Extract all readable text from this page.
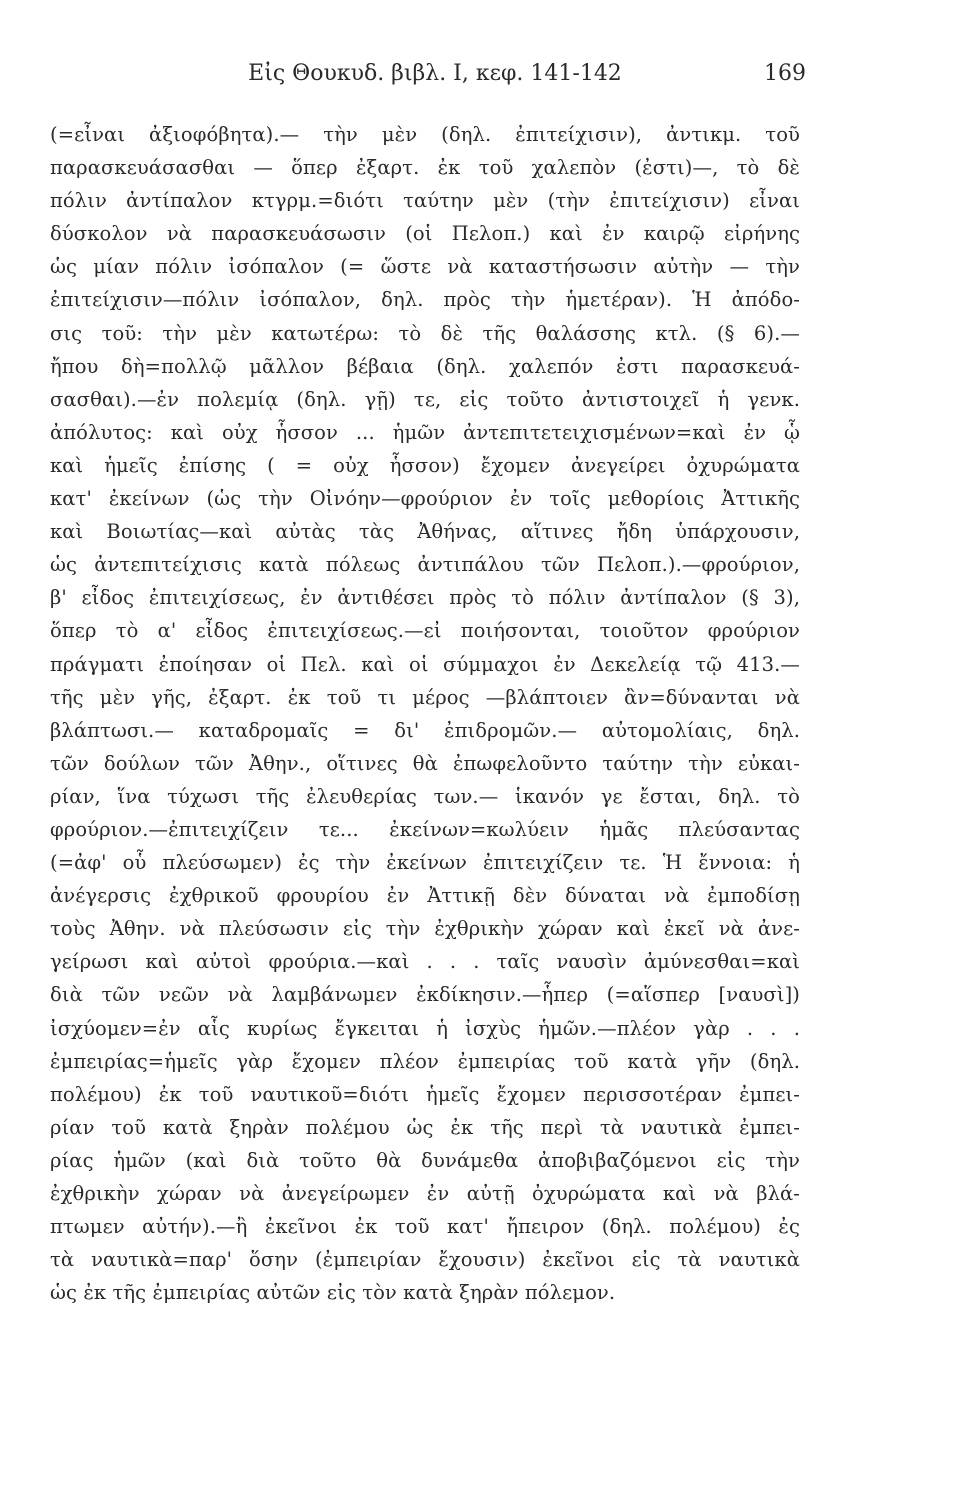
Εἰς Θουκυδ. βιβλ. Ι, κεφ. 141-142	169
(=εἶναι ἀξιοφόβητα).— τὴν μὲν (δηλ. ἐπιτείχισιν), ἀντικμ. τοῦ
παρασκευάσασθαι — ὅπερ ἐξαρτ. ἐκ τοῦ χαλεπὸν (ἐστι)—, τὸ δὲ
πόλιν ἀντίπαλον κτγρμ.=διότι ταύτην μὲν (τὴν ἐπιτείχισιν) εἶναι
δύσκολον νὰ παρασκευάσωσιν (οἱ Πελοπ.) καὶ ἐν καιρῷ εἰρήνης
ὡς μίαν πόλιν ἰσόπαλον (= ὥστε νὰ καταστήσωσιν αὐτὴν — τὴν
ἐπιτείχισιν—πόλιν ἰσόπαλον, δηλ. πρὸς τὴν ἡμετέραν). Ἡ ἀπόδο-
σις τοῦ: τὴν μὲν κατωτέρω: τὸ δὲ τῆς θαλάσσης κτλ. (§ 6).—
ἤπου δὴ=πολλῷ μᾶλλον βέβαια (δηλ. χαλεπόν ἐστι παρασκευά-
σασθαι).—ἐν πολεμίᾳ (δηλ. γῇ) τε, εἰς τοῦτο ἀντιστοιχεῖ ἡ γενκ.
ἀπόλυτος: καὶ οὐχ ἧσσον ... ἡμῶν ἀντεπιτετειχισμένων=καὶ ἐν ᾧ
καὶ ἡμεῖς ἐπίσης ( = οὐχ ἧσσον) ἔχομεν ἀνεγείρει ὀχυρώματα
κατ' ἐκείνων (ὡς τὴν Οἰνόην—φρούριον ἐν τοῖς μεθορίοις Ἀττικῆς
καὶ Βοιωτίας—καὶ αὐτὰς τὰς Ἀθήνας, αἵτινες ἤδη ὑπάρχουσιν,
ὡς ἀντεπιτείχισις κατὰ πόλεως ἀντιπάλου τῶν Πελοπ.).—φρούριον,
β' εἶδος ἐπιτειχίσεως, ἐν ἀντιθέσει πρὸς τὸ πόλιν ἀντίπαλον (§ 3),
ὅπερ τὸ α' εἶδος ἐπιτειχίσεως.—εἰ ποιήσονται, τοιοῦτον φρούριον
πράγματι ἐποίησαν οἱ Πελ. καὶ οἱ σύμμαχοι ἐν Δεκελείᾳ τῷ 413.—
τῆς μὲν γῆς, ἐξαρτ. ἐκ τοῦ τι μέρος —βλάπτοιεν ἂν=δύνανται νὰ
βλάπτωσι.— καταδρομαῖς = δι' ἐπιδρομῶν.— αὐτομολίαις, δηλ.
τῶν δούλων τῶν Ἀθην., οἵτινες θὰ ἐπωφελοῦντο ταύτην τὴν εὐκαι-
ρίαν, ἵνα τύχωσι τῆς ἐλευθερίας των.— ἱκανόν γε ἔσται, δηλ. τὸ
φρούριον.—ἐπιτειχίζειν τε... ἐκείνων=κωλύειν ἡμᾶς πλεύσαντας
(=ἀφ' οὗ πλεύσωμεν) ἐς τὴν ἐκείνων ἐπιτειχίζειν τε. Ἡ ἔννοια: ἡ
ἀνέγερσις ἐχθρικοῦ φρουρίου ἐν Ἀττικῇ δὲν δύναται νὰ ἐμποδίσῃ
τοὺς Ἀθην. νὰ πλεύσωσιν εἰς τὴν ἐχθρικὴν χώραν καὶ ἐκεῖ νὰ ἀνε-
γείρωσι καὶ αὐτοὶ φρούρια.—καὶ . . . ταῖς ναυσὶν ἀμύνεσθαι=καὶ
διὰ τῶν νεῶν νὰ λαμβάνωμεν ἐκδίκησιν.—ἧπερ (=αἵσπερ [ναυσὶ])
ἰσχύομεν=ἐν αἷς κυρίως ἔγκειται ἡ ἰσχὺς ἡμῶν.—πλέον γὰρ . . .
ἐμπειρίας=ἡμεῖς γὰρ ἔχομεν πλέον ἐμπειρίας τοῦ κατὰ γῆν (δηλ.
πολέμου) ἐκ τοῦ ναυτικοῦ=διότι ἡμεῖς ἔχομεν περισσοτέραν ἐμπει-
ρίαν τοῦ κατὰ ξηρὰν πολέμου ὡς ἐκ τῆς περὶ τὰ ναυτικὰ ἐμπει-
ρίας ἡμῶν (καὶ διὰ τοῦτο θὰ δυνάμεθα ἀποβιβαζόμενοι εἰς τὴν
ἐχθρικὴν χώραν νὰ ἀνεγείρωμεν ἐν αὐτῇ ὀχυρώματα καὶ νὰ βλά-
πτωμεν αὐτήν).—ἢ ἐκεῖνοι ἐκ τοῦ κατ' ἤπειρον (δηλ. πολέμου) ἐς
τὰ ναυτικὰ=παρ' ὅσην (ἐμπειρίαν ἔχουσιν) ἐκεῖνοι εἰς τὰ ναυτικὰ
ὡς ἐκ τῆς ἐμπειρίας αὐτῶν εἰς τὸν κατὰ ξηρὰν πόλεμον.
